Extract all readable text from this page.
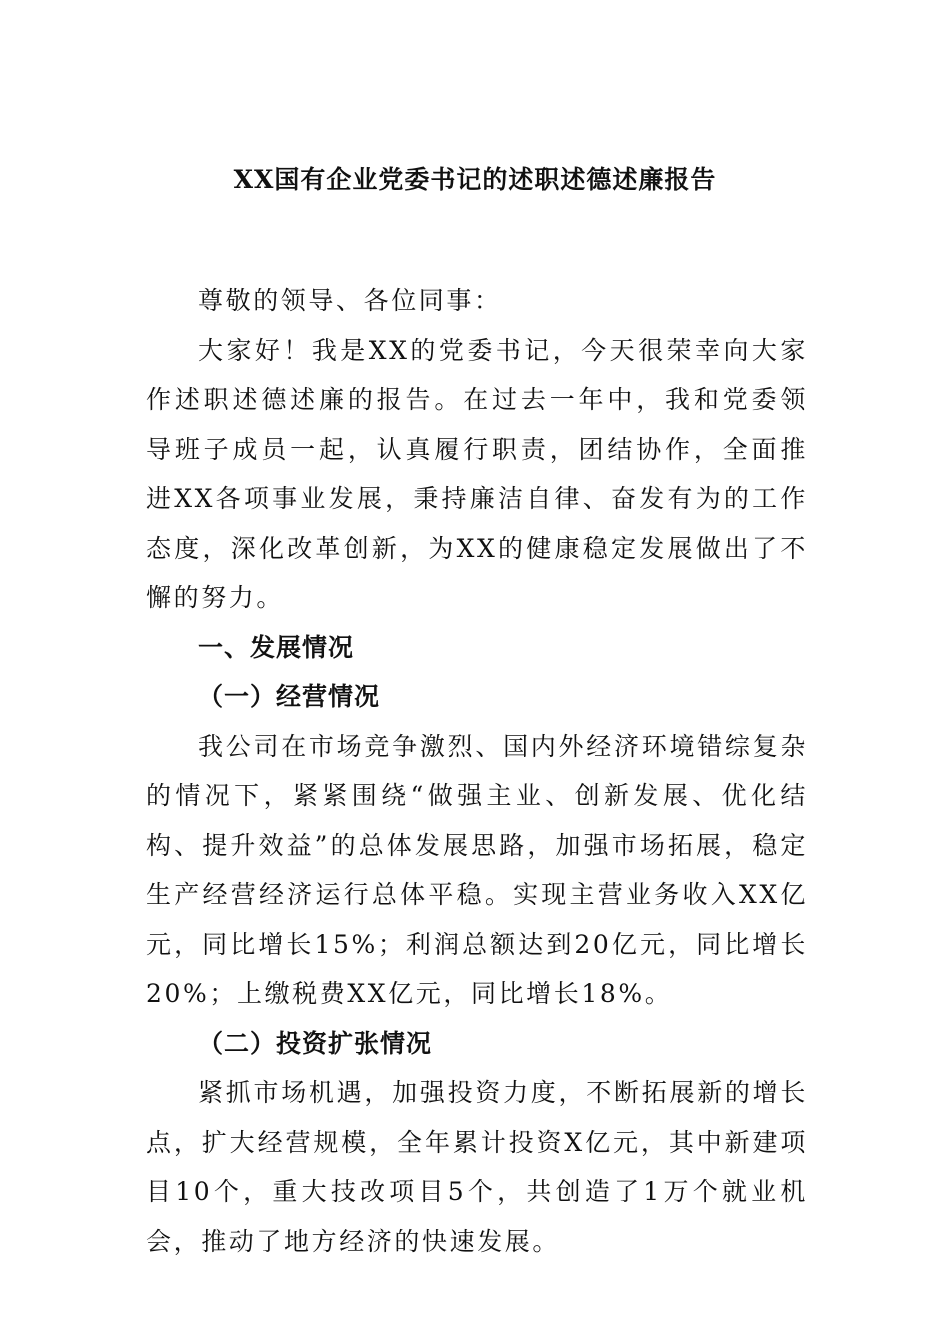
XX国有企业党委书记的述职述德述廉报告

尊敬的领导、各位同事：

大家好！我是XX的党委书记，今天很荣幸向大家作述职述德述廉的报告。在过去一年中，我和党委领导班子成员一起，认真履行职责，团结协作，全面推进XX各项事业发展，秉持廉洁自律、奋发有为的工作态度，深化改革创新，为XX的健康稳定发展做出了不懈的努力。

一、发展情况

（一）经营情况

我公司在市场竞争激烈、国内外经济环境错综复杂的情况下，紧紧围绕“做强主业、创新发展、优化结构、提升效益”的总体发展思路，加强市场拓展，稳定生产经营经济运行总体平稳。实现主营业务收入XX亿元，同比增长15%；利润总额达到20亿元，同比增长20%；上缴税费XX亿元，同比增长18%。

（二）投资扩张情况

紧抓市场机遇，加强投资力度，不断拓展新的增长点，扩大经营规模，全年累计投资X亿元，其中新建项目10个，重大技改项目5个，共创造了1万个就业机会，推动了地方经济的快速发展。
